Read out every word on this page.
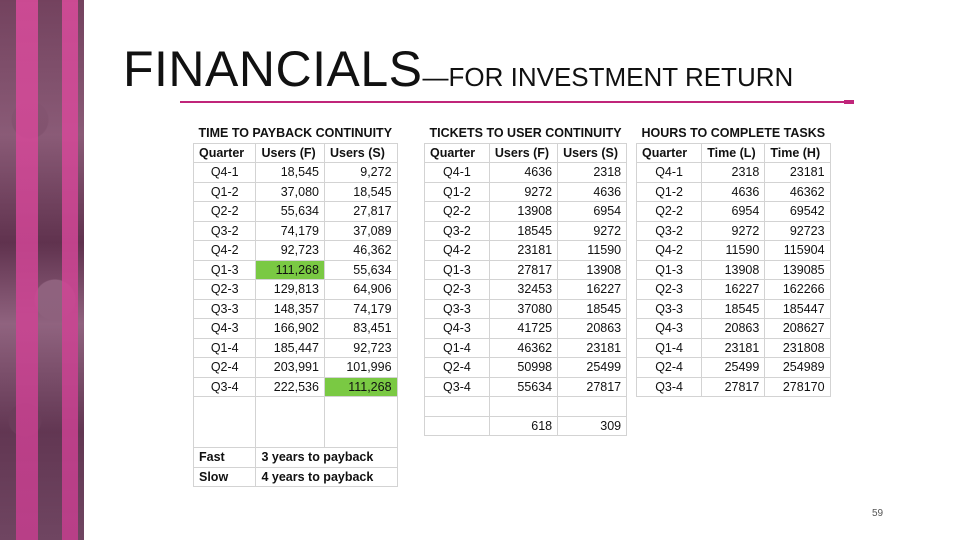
FINANCIALS—FOR INVESTMENT RETURN
TIME TO PAYBACK CONTINUITY		
Quarter	Users (F)	Users (S)
Q4-1	18,545	9,272
Q1-2	37,080	18,545
Q2-2	55,634	27,817
Q3-2	74,179	37,089
Q4-2	92,723	46,362
Q1-3	111,268	55,634
Q2-3	129,813	64,906
Q3-3	148,357	74,179
Q4-3	166,902	83,451
Q1-4	185,447	92,723
Q2-4	203,991	101,996
Q3-4	222,536	111,268

Fast	3 years to payback	
Slow	4 years to payback	
TICKETS TO USER CONTINUITY		
Quarter	Users (F)	Users (S)
Q4-1	4636	2318
Q1-2	9272	4636
Q2-2	13908	6954
Q3-2	18545	9272
Q4-2	23181	11590
Q1-3	27817	13908
Q2-3	32453	16227
Q3-3	37080	18545
Q4-3	41725	20863
Q1-4	46362	23181
Q2-4	50998	25499
Q3-4	55634	27817

	618	309
HOURS TO COMPLETE TASKS		
Quarter	Time (L)	Time (H)
Q4-1	2318	23181
Q1-2	4636	46362
Q2-2	6954	69542
Q3-2	9272	92723
Q4-2	11590	115904
Q1-3	13908	139085
Q2-3	16227	162266
Q3-3	18545	185447
Q4-3	20863	208627
Q1-4	23181	231808
Q2-4	25499	254989
Q3-4	27817	278170
59
